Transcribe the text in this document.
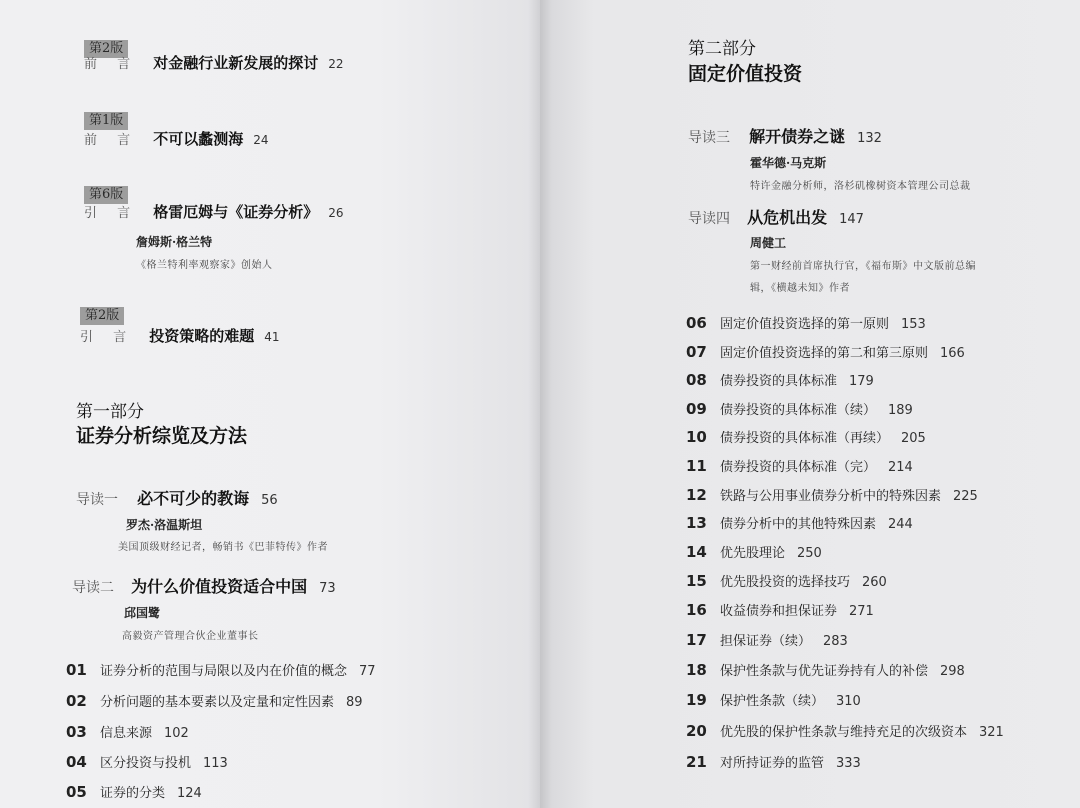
第2版
前 言 对金融行业新发展的探讨 22
第1版
前 言 不可以蠡测海 24
第6版
引 言 格雷厄姆与《证券分析》 26
詹姆斯·格兰特
《格兰特利率观察家》创始人
第2版
引 言 投资策略的难题 41
第一部分
证券分析综览及方法
导读一 必不可少的教诲 56
罗杰·洛温斯坦
美国顶级财经记者，畅销书《巴菲特传》作者
导读二 为什么价值投资适合中国 73
邱国鹭
高毅资产管理合伙企业董事长
01 证券分析的范围与局限以及内在价值的概念 77
02 分析问题的基本要素以及定量和定性因素 89
03 信息来源 102
04 区分投资与投机 113
05 证券的分类 124
第二部分
固定价值投资
导读三 解开债券之谜 132
霍华德·马克斯
特许金融分析师，洛杉矶橡树资本管理公司总裁
导读四 从危机出发 147
周健工
第一财经前首席执行官，《福布斯》中文版前总编
辑，《横越未知》作者
06 固定价值投资选择的第一原则 153
07 固定价值投资选择的第二和第三原则 166
08 债券投资的具体标准 179
09 债券投资的具体标准（续） 189
10 债券投资的具体标准（再续） 205
11 债券投资的具体标准（完） 214
12 铁路与公用事业债券分析中的特殊因素 225
13 债券分析中的其他特殊因素 244
14 优先股理论 250
15 优先股投资的选择技巧 260
16 收益债券和担保证券 271
17 担保证券（续） 283
18 保护性条款与优先证券持有人的补偿 298
19 保护性条款（续） 310
20 优先股的保护性条款与维持充足的次级资本 321
21 对所持证券的监管 333
